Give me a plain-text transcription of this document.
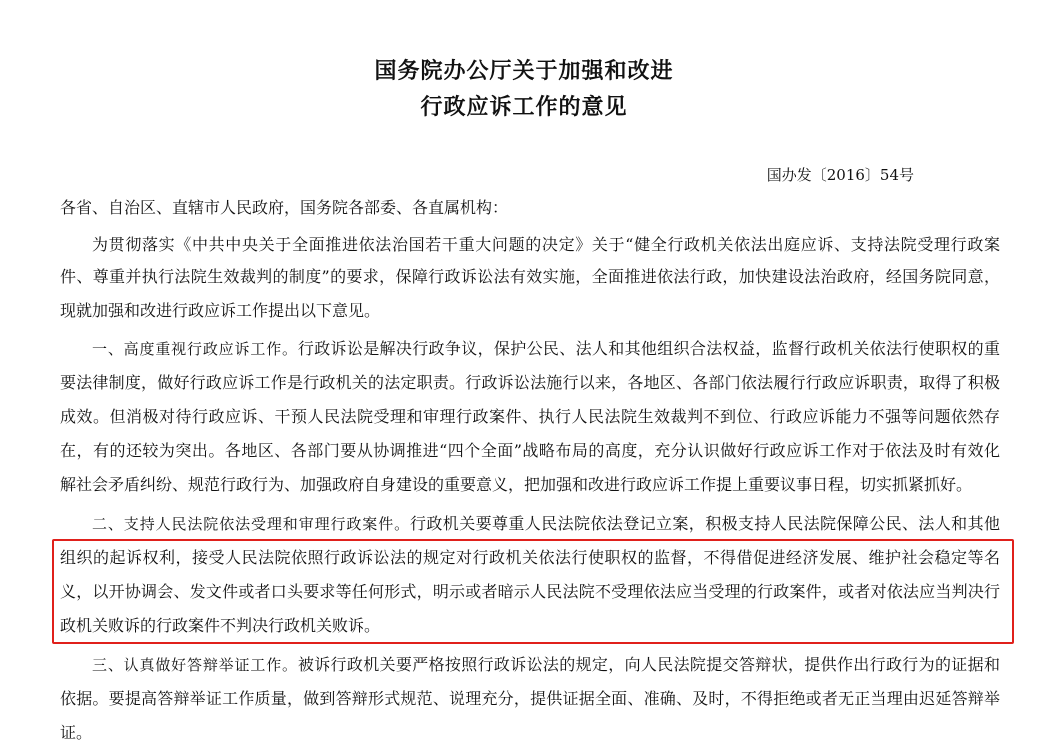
国务院办公厅关于加强和改进
行政应诉工作的意见
国办发〔2016〕54号
各省、自治区、直辖市人民政府，国务院各部委、各直属机构：
为贯彻落实《中共中央关于全面推进依法治国若干重大问题的决定》关于“健全行政机关依法出庭应诉、支持法院受理行政案
件、尊重并执行法院生效裁判的制度”的要求，保障行政诉讼法有效实施，全面推进依法行政，加快建设法治政府，经国务院同意，
现就加强和改进行政应诉工作提出以下意见。
一、高度重视行政应诉工作。行政诉讼是解决行政争议，保护公民、法人和其他组织合法权益，监督行政机关依法行使职权的重
要法律制度，做好行政应诉工作是行政机关的法定职责。行政诉讼法施行以来，各地区、各部门依法履行行政应诉职责，取得了积极
成效。但消极对待行政应诉、干预人民法院受理和审理行政案件、执行人民法院生效裁判不到位、行政应诉能力不强等问题依然存
在，有的还较为突出。各地区、各部门要从协调推进“四个全面”战略布局的高度，充分认识做好行政应诉工作对于依法及时有效化
解社会矛盾纠纷、规范行政行为、加强政府自身建设的重要意义，把加强和改进行政应诉工作提上重要议事日程，切实抓紧抓好。
二、支持人民法院依法受理和审理行政案件。行政机关要尊重人民法院依法登记立案，积极支持人民法院保障公民、法人和其他
组织的起诉权利，接受人民法院依照行政诉讼法的规定对行政机关依法行使职权的监督，不得借促进经济发展、维护社会稳定等名
义，以开协调会、发文件或者口头要求等任何形式，明示或者暗示人民法院不受理依法应当受理的行政案件，或者对依法应当判决行
政机关败诉的行政案件不判决行政机关败诉。
三、认真做好答辩举证工作。被诉行政机关要严格按照行政诉讼法的规定，向人民法院提交答辩状，提供作出行政行为的证据和
依据。要提高答辩举证工作质量，做到答辩形式规范、说理充分，提供证据全面、准确、及时，不得拒绝或者无正当理由迟延答辩举
证。
